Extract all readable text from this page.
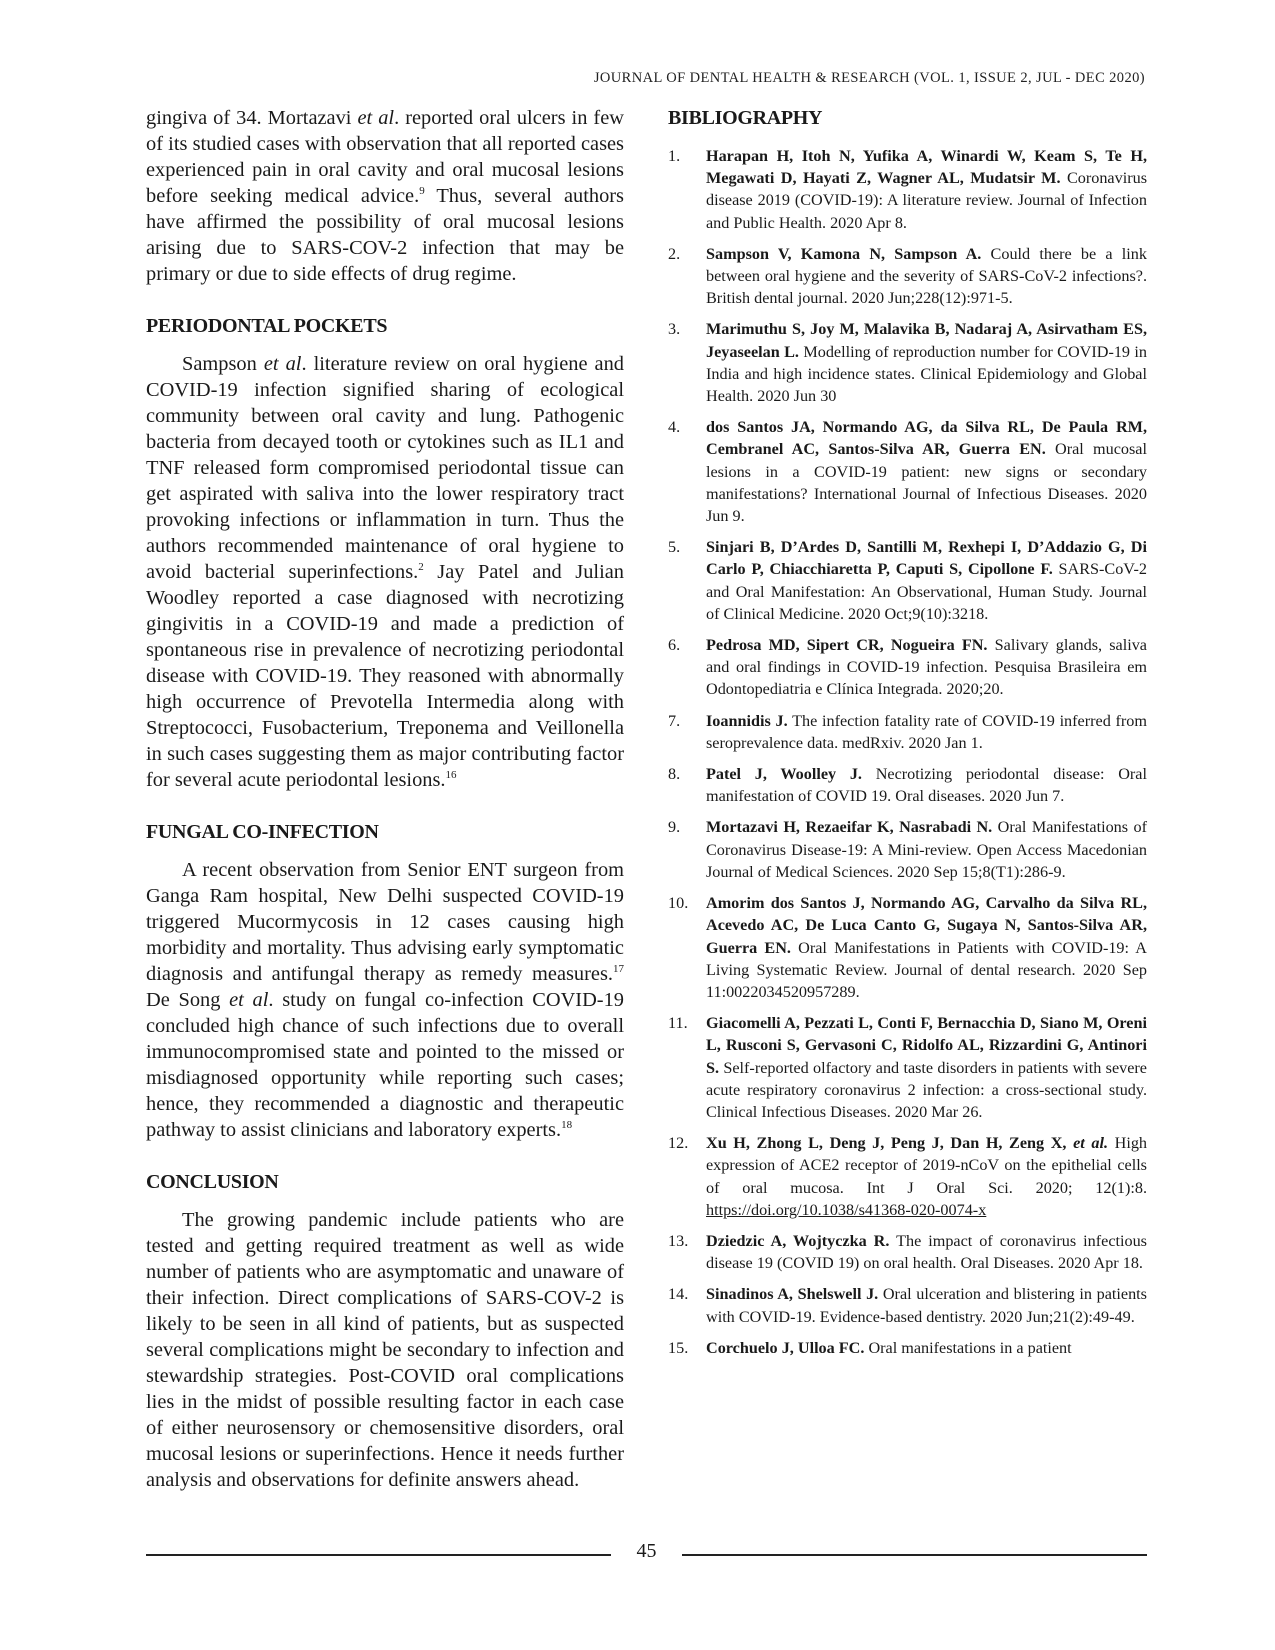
JOURNAL OF DENTAL HEALTH & RESEARCH (VOL. 1, ISSUE 2, JUL - DEC 2020)

gingiva of 34. Mortazavi et al. reported oral ulcers in few of its studied cases with observation that all reported cases experienced pain in oral cavity and oral mucosal lesions before seeking medical advice.$^9$ Thus, several authors have affirmed the possibility of oral mucosal lesions arising due to SARS-COV-2 infection that may be primary or due to side effects of drug regime.

PERIODONTAL POCKETS

Sampson et al. literature review on oral hygiene and COVID-19 infection signified sharing of ecological community between oral cavity and lung. Pathogenic bacteria from decayed tooth or cytokines such as IL1 and TNF released form compromised periodontal tissue can get aspirated with saliva into the lower respiratory tract provoking infections or inflammation in turn. Thus the authors recommended maintenance of oral hygiene to avoid bacterial superinfections.$^2$ Jay Patel and Julian Woodley reported a case diagnosed with necrotizing gingivitis in a COVID-19 and made a prediction of spontaneous rise in prevalence of necrotizing periodontal disease with COVID-19. They reasoned with abnormally high occurrence of Prevotella Intermedia along with Streptococci, Fusobacterium, Treponema and Veillonella in such cases suggesting them as major contributing factor for several acute periodontal lesions.$^{16}$

FUNGAL CO-INFECTION

A recent observation from Senior ENT surgeon from Ganga Ram hospital, New Delhi suspected COVID-19 triggered Mucormycosis in 12 cases causing high morbidity and mortality. Thus advising early symptomatic diagnosis and antifungal therapy as remedy measures.$^{17}$ De Song et al. study on fungal co-infection COVID-19 concluded high chance of such infections due to overall immunocompromised state and pointed to the missed or misdiagnosed opportunity while reporting such cases; hence, they recommended a diagnostic and therapeutic pathway to assist clinicians and laboratory experts.$^{18}$

CONCLUSION

The growing pandemic include patients who are tested and getting required treatment as well as wide number of patients who are asymptomatic and unaware of their infection. Direct complications of SARS-COV-2 is likely to be seen in all kind of patients, but as suspected several complications might be secondary to infection and stewardship strategies. Post-COVID oral complications lies in the midst of possible resulting factor in each case of either neurosensory or chemosensitive disorders, oral mucosal lesions or superinfections. Hence it needs further analysis and observations for definite answers ahead.

BIBLIOGRAPHY

1.	Harapan H, Itoh N, Yufika A, Winardi W, Keam S, Te H, Megawati D, Hayati Z, Wagner AL, Mudatsir M. Coronavirus disease 2019 (COVID-19): A literature review. Journal of Infection and Public Health. 2020 Apr 8.
2.	Sampson V, Kamona N, Sampson A. Could there be a link between oral hygiene and the severity of SARS-CoV-2 infections?. British dental journal. 2020 Jun;228(12):971-5.
3.	Marimuthu S, Joy M, Malavika B, Nadaraj A, Asirvatham ES, Jeyaseelan L. Modelling of reproduction number for COVID-19 in India and high incidence states. Clinical Epidemiology and Global Health. 2020 Jun 30
4.	dos Santos JA, Normando AG, da Silva RL, De Paula RM, Cembranel AC, Santos-Silva AR, Guerra EN. Oral mucosal lesions in a COVID-19 patient: new signs or secondary manifestations? International Journal of Infectious Diseases. 2020 Jun 9.
5.	Sinjari B, D’Ardes D, Santilli M, Rexhepi I, D’Addazio G, Di Carlo P, Chiacchiaretta P, Caputi S, Cipollone F. SARS-CoV-2 and Oral Manifestation: An Observational, Human Study. Journal of Clinical Medicine. 2020 Oct;9(10):3218.
6.	Pedrosa MD, Sipert CR, Nogueira FN. Salivary glands, saliva and oral findings in COVID-19 infection. Pesquisa Brasileira em Odontopediatria e Clínica Integrada. 2020;20.
7.	Ioannidis J. The infection fatality rate of COVID-19 inferred from seroprevalence data. medRxiv. 2020 Jan 1.
8.	Patel J, Woolley J. Necrotizing periodontal disease: Oral manifestation of COVID 19. Oral diseases. 2020 Jun 7.
9.	Mortazavi H, Rezaeifar K, Nasrabadi N. Oral Manifestations of Coronavirus Disease-19: A Mini-review. Open Access Macedonian Journal of Medical Sciences. 2020 Sep 15;8(T1):286-9.
10.	Amorim dos Santos J, Normando AG, Carvalho da Silva RL, Acevedo AC, De Luca Canto G, Sugaya N, Santos-Silva AR, Guerra EN. Oral Manifestations in Patients with COVID-19: A Living Systematic Review. Journal of dental research. 2020 Sep 11:0022034520957289.
11.	Giacomelli A, Pezzati L, Conti F, Bernacchia D, Siano M, Oreni L, Rusconi S, Gervasoni C, Ridolfo AL, Rizzardini G, Antinori S. Self-reported olfactory and taste disorders in patients with severe acute respiratory coronavirus 2 infection: a cross-sectional study. Clinical Infectious Diseases. 2020 Mar 26.
12.	Xu H, Zhong L, Deng J, Peng J, Dan H, Zeng X, et al. High expression of ACE2 receptor of 2019-nCoV on the epithelial cells of oral mucosa. Int J Oral Sci. 2020; 12(1):8. https://doi.org/10.1038/s41368-020-0074-x
13.	Dziedzic A, Wojtyczka R. The impact of coronavirus infectious disease 19 (COVID 19) on oral health. Oral Diseases. 2020 Apr 18.
14.	Sinadinos A, Shelswell J. Oral ulceration and blistering in patients with COVID-19. Evidence-based dentistry. 2020 Jun;21(2):49-49.
15.	Corchuelo J, Ulloa FC. Oral manifestations in a patient
45
